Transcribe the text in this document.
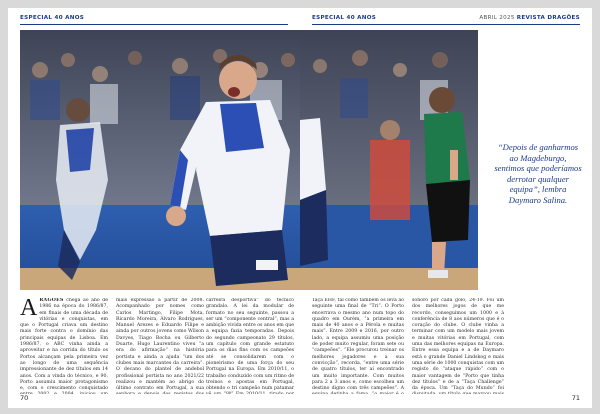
ESPECIAL 40 ANOS
A RAGÕES chega ao ano de 1986 na época do 1986/87, em finais de uma década de vitórias e conquistas, em que o Portugal criava um destino mais forte contra o domínio das principais equipas de Lisboa. Em 1986/87, o ABC vinha ainda a aproveitar e na corrida do título os Portos alcançam pela primeira vez ao longo de uma sequência impressionante de dez títulos em 14 anos. Com a vinda do técnico, e 90, Porto assumiu maior protagonismo e, com o crescimento conquistado
mais expressão a partir de 2008. Acompanhado por nomes como Carlos Martingo, Filipe Mota, Ricardo Moreira, Álvaro Rodrigues, Manuel Arezes e Eduardo Filipe e ainda por outros jovens como Wilson Davyes, Tiago Rocha ou Gilberto Duarte, Hugo Laurentino viveu “a era do afirmação” na história portista e ainda a ajuda “um dos clubes mais marcantes da carreira”. O decano do plantel de andebol profissional portista no ano 2021/22 realizou e mantém ao abrigo do último contrato em Portugal, a sua
carreira desportiva” do técnico grandalo. A lei da modular de formato no seu seguinte, passou a ser um “componente central”, mas a ambição vivida entre os anos em que a equipa fazia temporadas. Depois do segundo campeonato 29 títulos, um capítulo com grande estatuto para os dias fins com os campeões até se consolidarem com o pioneirismo de uma força do seu Portugal na Europa. Em 2010/11, o trabalho conduzido com um ritmo de treinos e apostas em Portugal, obtendo o tri campeão num patamar
70
ESPECIAL 40 ANOS	ABRIL 2025 REVISTA DRAGÕES
“Depois de ganharmos ao Magdeburgo, sentimos que poderíamos derrotar qualquer equipa”, lembra Daymaro Salina.
Taça EHF, tal como também os leva ao seguinte uma final de “Tri”. O Porto encerrava o mesmo ano num topo do quadro em Ourém, “a primeira em mais de 40 anos e a Pérola e muitas mais”. Entre 2009 e 2016, por outro lado, a equipa assumiu uma posição de poder muito regular, foram sete ou “campeões”. “Ele procurou treinar os melhores jogadores e a sua convicção”, recorda, “entre uma série de quatro títulos, ter aí encontrado um muito importante. Com muitos para 2 a 3 anos e, como escolheu um destino digno com três campeões”. A
sonoro por cada golo, 24-19. Foi um dos melhores jogos de que me recordo, conseguimos um 1000 e à conferência de 8 aos números que é o coração do clube. O clube vinha a terminar com um modelo mais jovem e muitas vitórias em Portugal, com uma das melhores equipas na Europa. Entre essa equipa e a de Daymaro está o grande Daniel Lindskog e mais uma série de 1000 conquistas com um registo do “ataque rápido” com o maior vantagem de “Porto que tinha dez títulos” e de a “Taça Challenge” da época. Um “Taça do Mundo” foi
71
